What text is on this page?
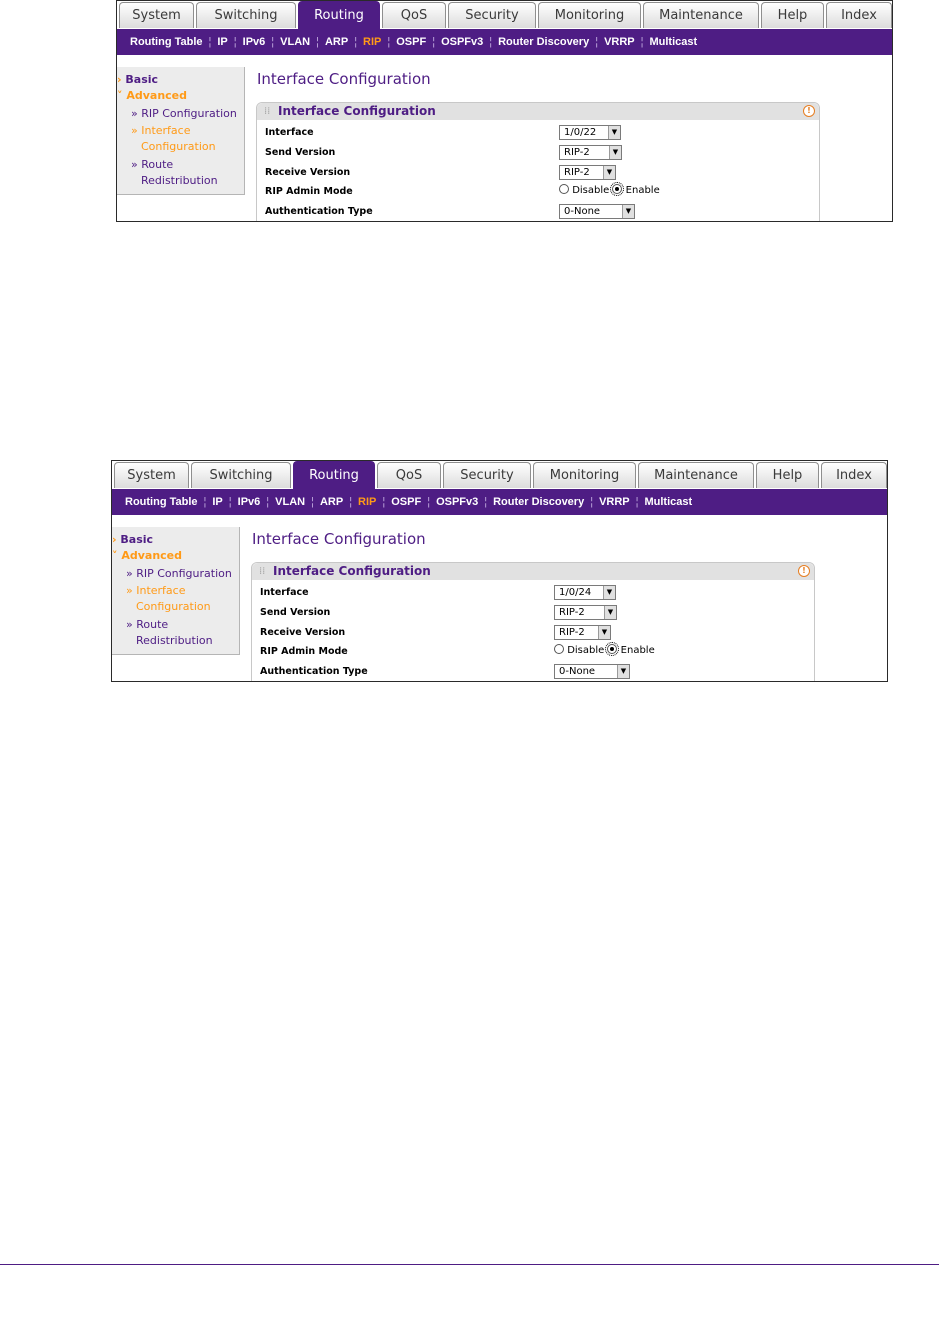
System	Switching	Routing	QoS	Security	Monitoring	Maintenance	Help	Index
Routing Table ¦ IP ¦ IPv6 ¦ VLAN ¦ ARP ¦ RIP ¦ OSPF ¦ OSPFv3 ¦ Router Discovery ¦ VRRP ¦ Multicast
› Basic
˅ Advanced
» RIP Configuration
» Interface
Configuration
» Route
Redistribution
Interface Configuration
⁞⁞ Interface Configuration	!
Interface	1/0/22	▼
Send Version	RIP-2	▼
Receive Version	RIP-2	▼
RIP Admin Mode	Disable Enable
Authentication Type	0-None	▼
System	Switching	Routing	QoS	Security	Monitoring	Maintenance	Help	Index
Routing Table ¦ IP ¦ IPv6 ¦ VLAN ¦ ARP ¦ RIP ¦ OSPF ¦ OSPFv3 ¦ Router Discovery ¦ VRRP ¦ Multicast
› Basic
˅ Advanced
» RIP Configuration
» Interface
Configuration
» Route
Redistribution
Interface Configuration
⁞⁞ Interface Configuration	!
Interface	1/0/24	▼
Send Version	RIP-2	▼
Receive Version	RIP-2	▼
RIP Admin Mode	Disable Enable
Authentication Type	0-None	▼
